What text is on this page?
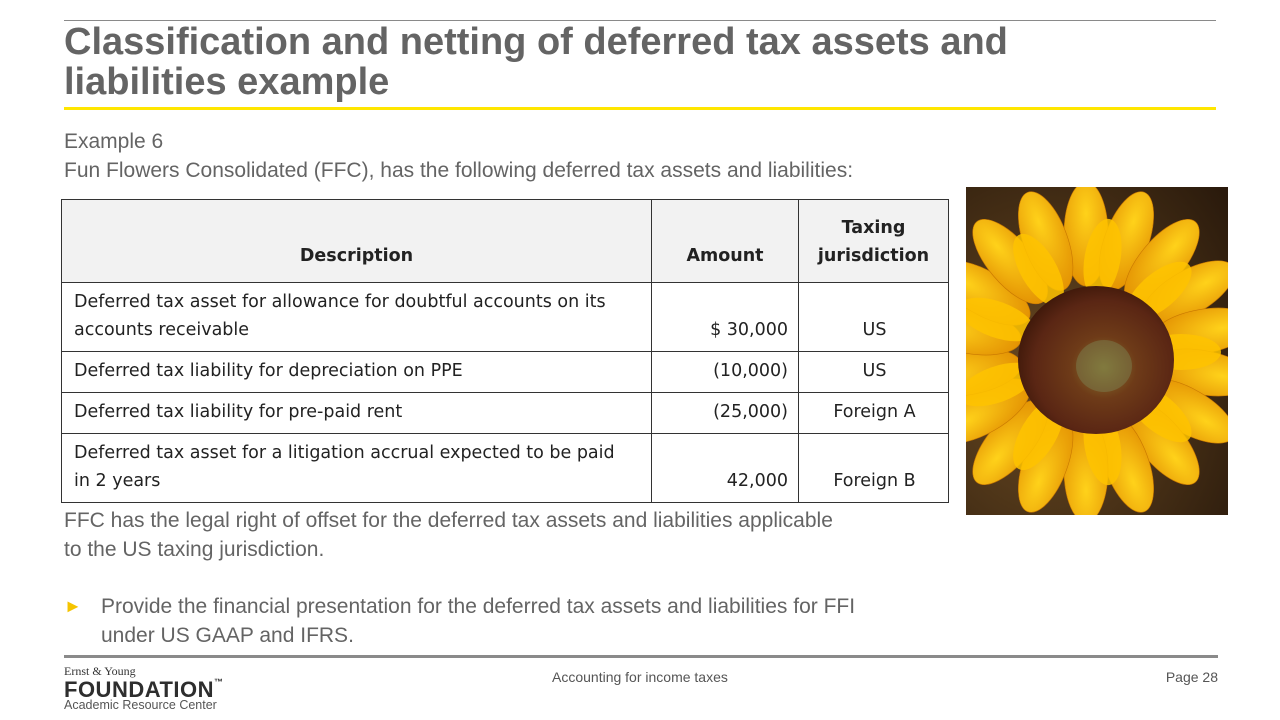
Classification and netting of deferred tax assets and liabilities example
Example 6
Fun Flowers Consolidated (FFC), has the following deferred tax assets and liabilities:
Description	Amount	Taxing
jurisdiction
Deferred tax asset for allowance for doubtful accounts on its
accounts receivable	$ 30,000	US
Deferred tax liability for depreciation on PPE	(10,000)	US
Deferred tax liability for pre-paid rent	(25,000)	Foreign A
Deferred tax asset for a litigation accrual expected to be paid
in 2 years	42,000	Foreign B
FFC has the legal right of offset for the deferred tax assets and liabilities applicable
to the US taxing jurisdiction.
► Provide the financial presentation for the deferred tax assets and liabilities for FFI
under US GAAP and IFRS.
Ernst & Young
FOUNDATION™
Academic Resource Center
Accounting for income taxes	Page 28
